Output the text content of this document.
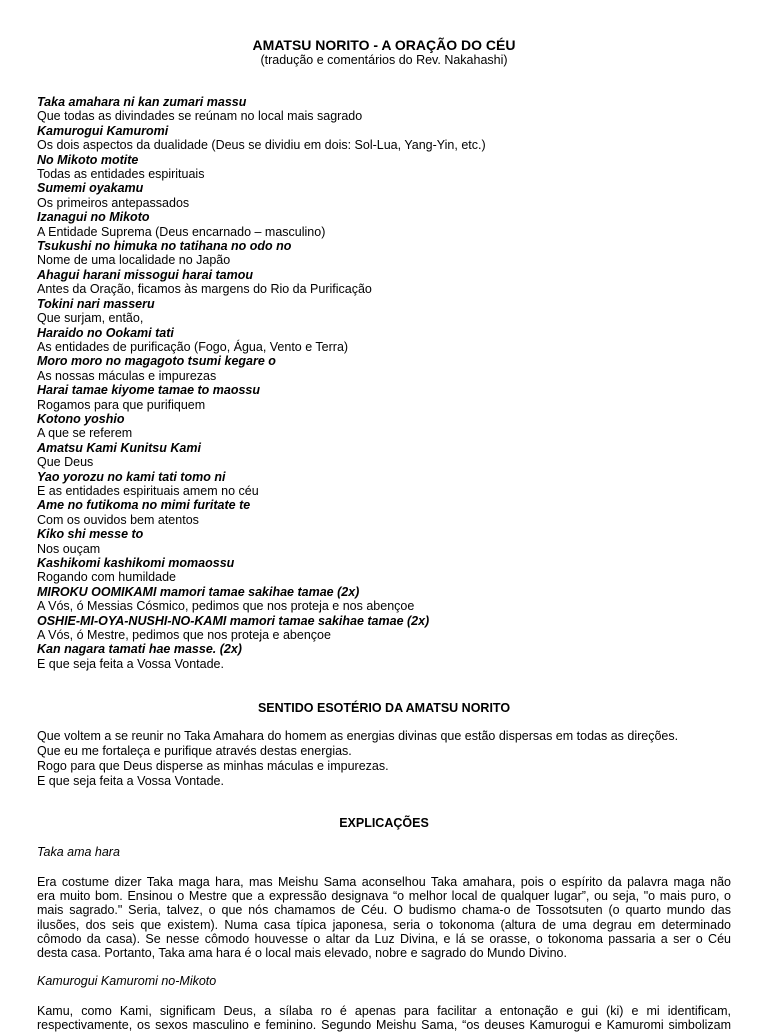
AMATSU NORITO - A ORAÇÃO DO CÉU
(tradução e comentários do Rev. Nakahashi)
Taka amahara ni kan zumari massu
Que todas as divindades se reúnam no local mais sagrado
Kamurogui Kamuromi
Os dois aspectos da dualidade (Deus se dividiu em dois: Sol-Lua, Yang-Yin, etc.)
No Mikoto motite
Todas as entidades espirituais
Sumemi oyakamu
Os primeiros antepassados
Izanagui no Mikoto
A Entidade Suprema (Deus encarnado – masculino)
Tsukushi no himuka no tatihana no odo no
Nome de uma localidade no Japão
Ahagui harani missogui harai tamou
Antes da Oração, ficamos às margens do Rio da Purificação
Tokini nari masseru
Que surjam, então,
Haraido no Ookami tati
As entidades de purificação (Fogo, Água, Vento e Terra)
Moro moro no magagoto tsumi kegare o
As nossas máculas e impurezas
Harai tamae kiyome tamae to maossu
Rogamos para que purifiquem
Kotono yoshio
A que se referem
Amatsu Kami Kunitsu Kami
Que Deus
Yao yorozu no kami tati tomo ni
E as entidades espirituais amem no céu
Ame no futikoma no mimi furitate te
Com os ouvidos bem atentos
Kiko shi messe to
Nos ouçam
Kashikomi kashikomi momaossu
Rogando com humildade
MIROKU OOMIKAMI mamori tamae sakihae tamae (2x)
A Vós, ó Messias Cósmico, pedimos que nos proteja e nos abençoe
OSHIE-MI-OYA-NUSHI-NO-KAMI mamori tamae sakihae tamae (2x)
A Vós, ó Mestre, pedimos que nos proteja e abençoe
Kan nagara tamati hae masse. (2x)
E que seja feita a Vossa Vontade.
SENTIDO ESOTÉRIO DA AMATSU NORITO
Que voltem a se reunir no Taka Amahara do homem as energias divinas que estão dispersas em todas as direções.
Que eu me fortaleça e purifique através destas energias.
Rogo para que Deus disperse as minhas máculas e impurezas.
E que seja feita a Vossa Vontade.
EXPLICAÇÕES
Taka ama hara
Era costume dizer Taka maga hara, mas Meishu Sama aconselhou Taka amahara, pois o espírito da palavra maga não
era muito bom. Ensinou o Mestre que a expressão designava “o melhor local de qualquer lugar”, ou seja, "o mais puro, o
mais sagrado." Seria, talvez, o que nós chamamos de Céu. O budismo chama-o de Tossotsuten (o quarto mundo das
ilusões, dos seis que existem). Numa casa típica japonesa, seria o tokonoma (altura de uma degrau em determinado
cômodo da casa). Se nesse cômodo houvesse o altar da Luz Divina, e lá se orasse, o tokonoma passaria a ser o Céu
desta casa. Portanto, Taka ama hara é o local mais elevado, nobre e sagrado do Mundo Divino.
Kamurogui Kamuromi no-Mikoto
Kamu, como Kami, significam Deus, a sílaba ro é apenas para facilitar a entonação e gui (ki) e mi identificam,
respectivamente, os sexos masculino e feminino. Segundo Meishu Sama, “os deuses Kamurogui e Kamuromi simbolizam
